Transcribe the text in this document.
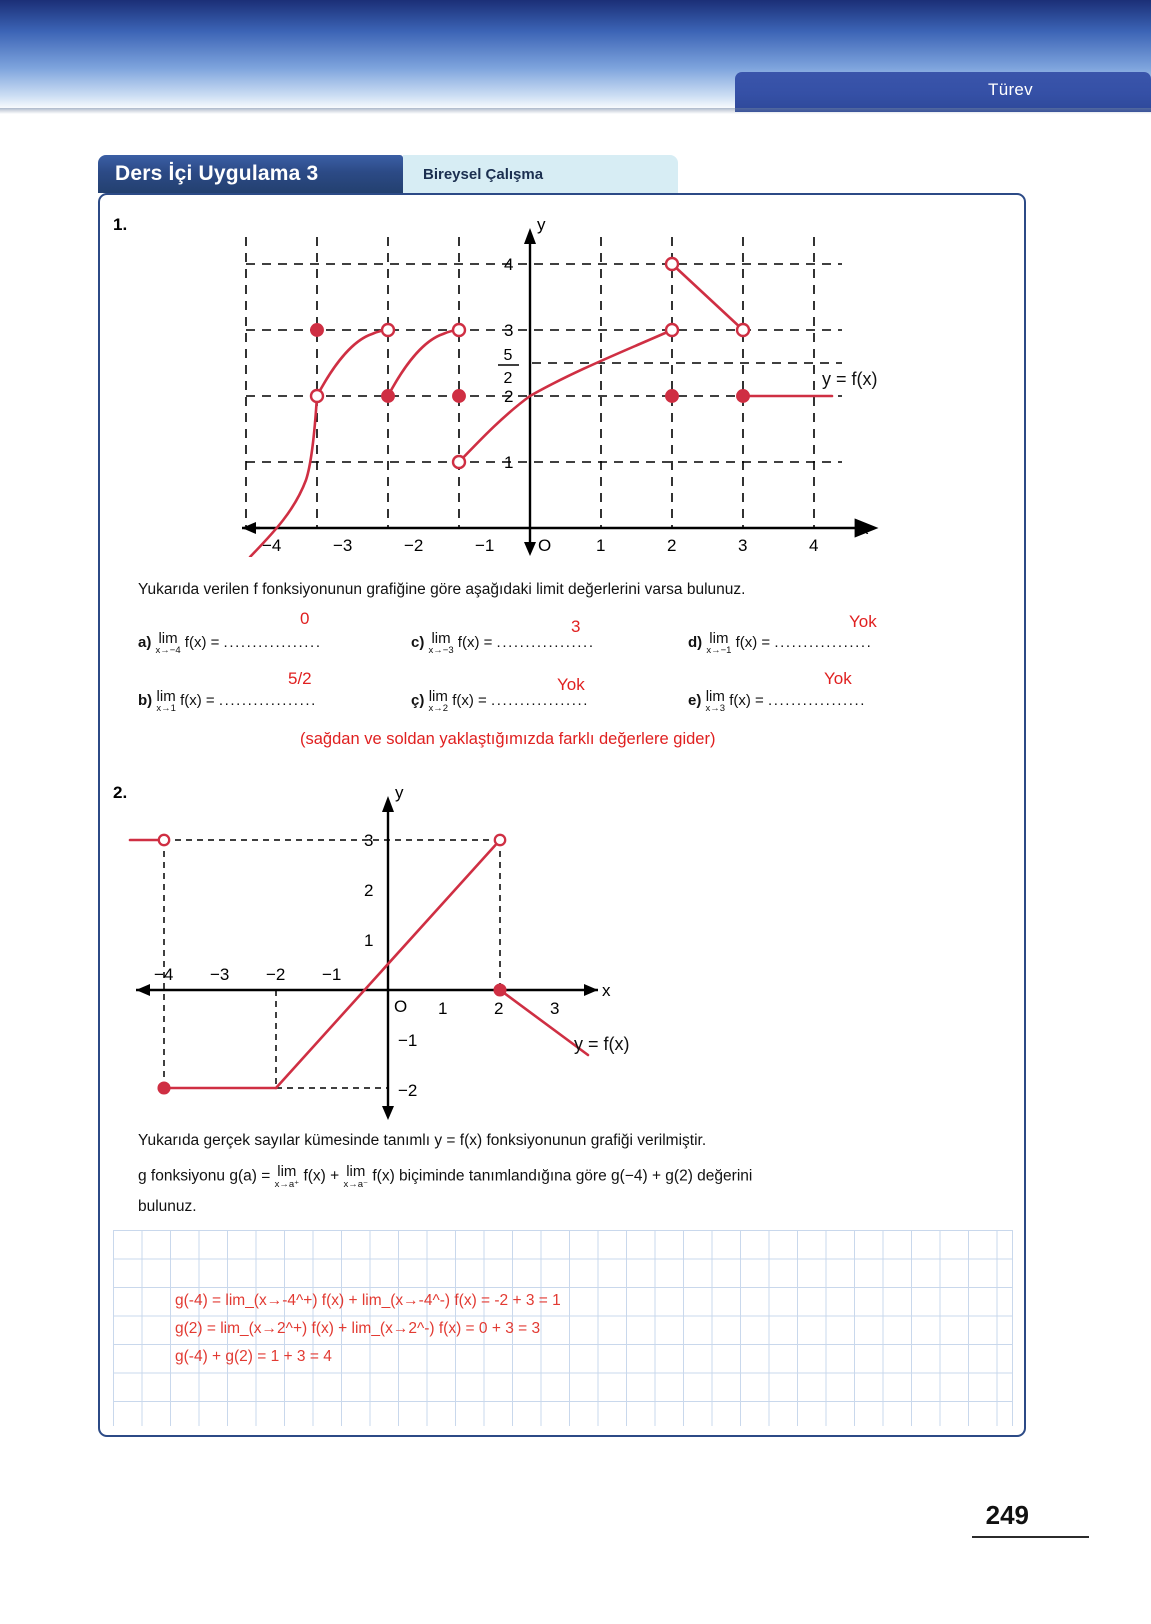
Türev
Ders İçi Uygulama 3	Bireysel Çalışma
1.	y
x
O
−4	−3	−2	−1	1	2	3	4
1
2
3
4
5
2	y = f(x)
Yukarıda verilen f fonksiyonunun grafiğine göre aşağıdaki limit değerlerini varsa bulunuz.
a) lim
x→−4 f(x) = .................
0
c) lim
x→−3 f(x) = .................
3
d) lim
x→−1 f(x) = .................
Yok
b) lim
x→1 f(x) = .................
5/2
ç) lim
x→2 f(x) = .................
Yok
e) lim
x→3 f(x) = .................
Yok
(sağdan ve soldan yaklaştığımızda farklı değerlere gider)
2.	y
x
O
−4 −3 −2 −1
1	2	3
3
2
1
−1
−2
y = f(x)
Yukarıda gerçek sayılar kümesinde tanımlı y = f(x) fonksiyonunun grafiği verilmiştir.
g fonksiyonu g(a) = lim
x→a⁺ f(x) + lim
x→a⁻ f(x) biçiminde tanımlandığına göre g(−4) + g(2) değerini
bulunuz.
g(-4) = lim_(x→-4^+) f(x) + lim_(x→-4^-) f(x) = -2 + 3 = 1
g(2) = lim_(x→2^+) f(x) + lim_(x→2^-) f(x) = 0 + 3 = 3
g(-4) + g(2) = 1 + 3 = 4
249
